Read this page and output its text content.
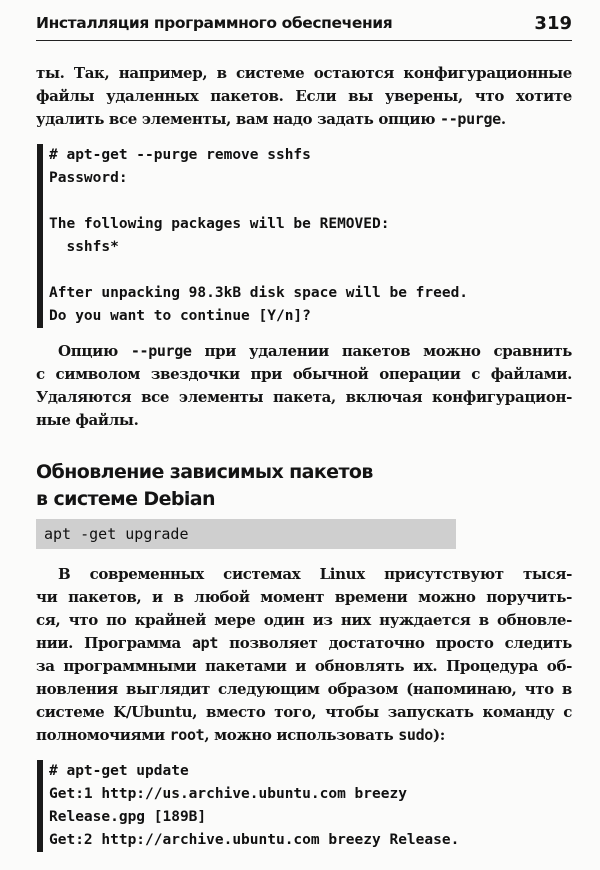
Инсталляция программного обеспечения	319
ты. Так, например, в системе остаются конфигурационные
файлы удаленных пакетов. Если вы уверены, что хотите
удалить все элементы, вам надо задать опцию --purge.
# apt-get --purge remove sshfs
Password:
The following packages will be REMOVED:
sshfs*
After unpacking 98.3kB disk space will be freed.
Do you want to continue [Y/n]?
Опцию --purge при удалении пакетов можно сравнить
с символом звездочки при обычной операции с файлами.
Удаляются все элементы пакета, включая конфигурацион-
ные файлы.
Обновление зависимых пакетов
в системе Debian
apt -get upgrade
В современных системах Linux присутствуют тыся-
чи пакетов, и в любой момент времени можно поручить-
ся, что по крайней мере один из них нуждается в обновле-
нии. Программа apt позволяет достаточно просто следить
за программными пакетами и обновлять их. Процедура об-
новления выглядит следующим образом (напоминаю, что в
системе K/Ubuntu, вместо того, чтобы запускать команду с
полномочиями root, можно использовать sudo):
# apt-get update
Get:1 http://us.archive.ubuntu.com breezy
Release.gpg [189B]
Get:2 http://archive.ubuntu.com breezy Release.
